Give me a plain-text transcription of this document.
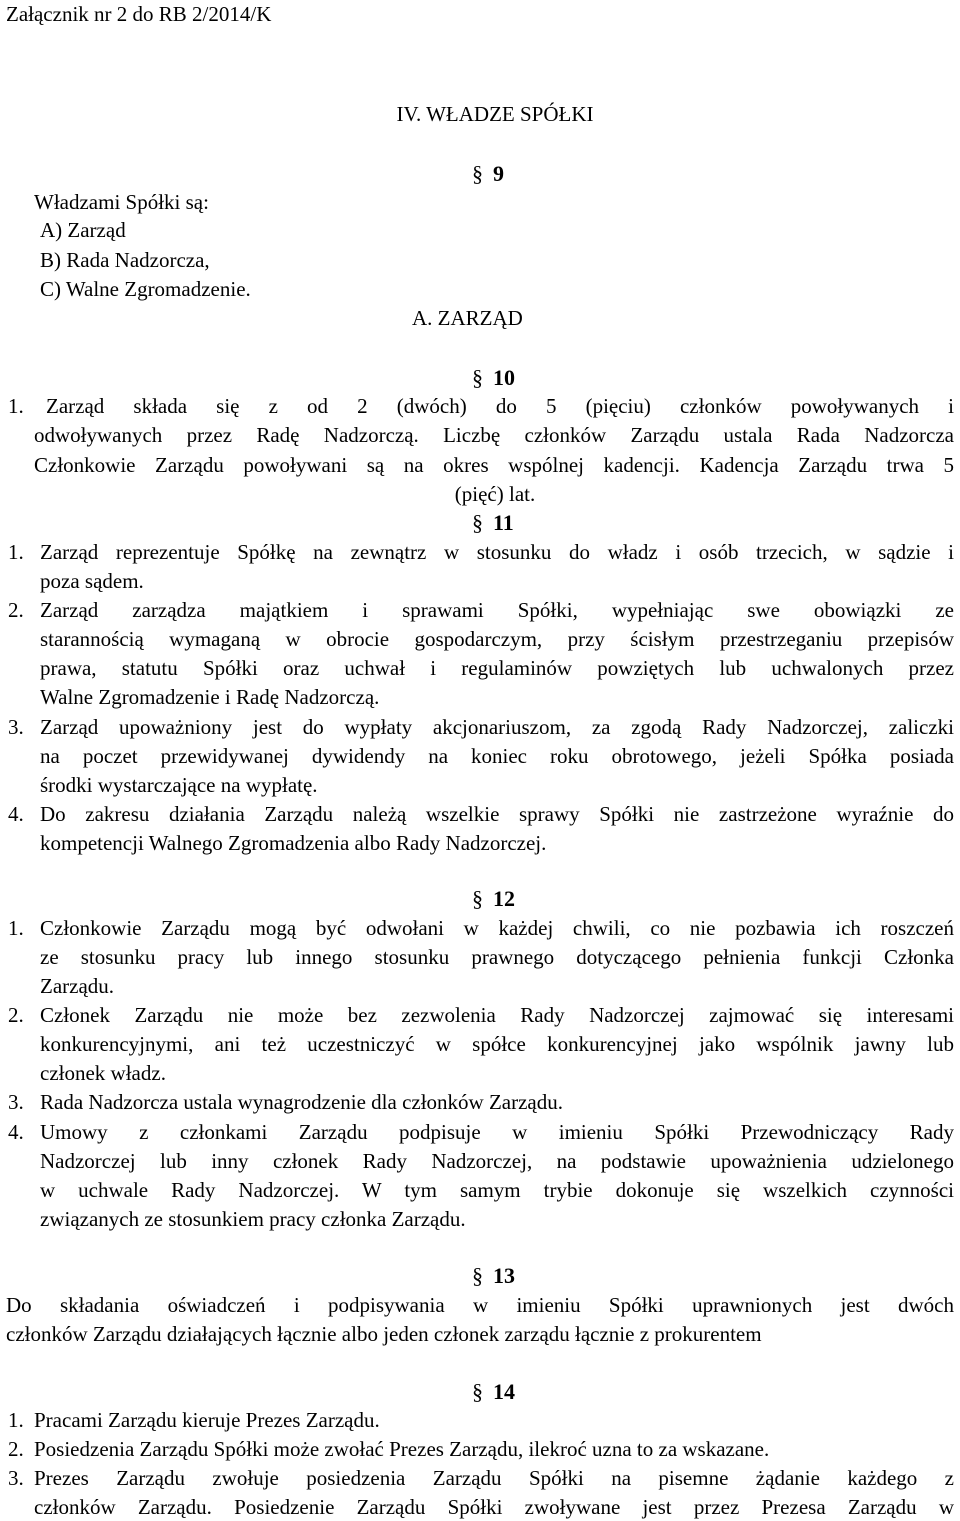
Załącznik nr 2 do RB 2/2014/K
IV. WŁADZE SPÓŁKI
§ 9
Władzami Spółki są:
A) Zarząd
B) Rada Nadzorcza,
C) Walne Zgromadzenie.
A. ZARZĄD
§ 10
1. Zarząd składa się z od 2 (dwóch) do 5 (pięciu) członków powoływanych i
odwoływanych przez Radę Nadzorczą. Liczbę członków Zarządu ustala Rada Nadzorcza
Członkowie Zarządu powoływani są na okres wspólnej kadencji. Kadencja Zarządu trwa 5
(pięć) lat.
§ 11
1. Zarząd reprezentuje Spółkę na zewnątrz w stosunku do władz i osób trzecich, w sądzie i
poza sądem.
2. Zarząd zarządza majątkiem i sprawami Spółki, wypełniając swe obowiązki ze
starannością wymaganą w obrocie gospodarczym, przy ścisłym przestrzeganiu przepisów
prawa, statutu Spółki oraz uchwał i regulaminów powziętych lub uchwalonych przez
Walne Zgromadzenie i Radę Nadzorczą.
3. Zarząd upoważniony jest do wypłaty akcjonariuszom, za zgodą Rady Nadzorczej, zaliczki
na poczet przewidywanej dywidendy na koniec roku obrotowego, jeżeli Spółka posiada
środki wystarczające na wypłatę.
4. Do zakresu działania Zarządu należą wszelkie sprawy Spółki nie zastrzeżone wyraźnie do
kompetencji Walnego Zgromadzenia albo Rady Nadzorczej.
§ 12
1. Członkowie Zarządu mogą być odwołani w każdej chwili, co nie pozbawia ich roszczeń
ze stosunku pracy lub innego stosunku prawnego dotyczącego pełnienia funkcji Członka
Zarządu.
2. Członek Zarządu nie może bez zezwolenia Rady Nadzorczej zajmować się interesami
konkurencyjnymi, ani też uczestniczyć w spółce konkurencyjnej jako wspólnik jawny lub
członek władz.
3. Rada Nadzorcza ustala wynagrodzenie dla członków Zarządu.
4. Umowy z członkami Zarządu podpisuje w imieniu Spółki Przewodniczący Rady
Nadzorczej lub inny członek Rady Nadzorczej, na podstawie upoważnienia udzielonego
w uchwale Rady Nadzorczej. W tym samym trybie dokonuje się wszelkich czynności
związanych ze stosunkiem pracy członka Zarządu.
§ 13
Do składania oświadczeń i podpisywania w imieniu Spółki uprawnionych jest dwóch
członków Zarządu działających łącznie albo jeden członek zarządu łącznie z prokurentem
§ 14
1. Pracami Zarządu kieruje Prezes Zarządu.
2. Posiedzenia Zarządu Spółki może zwołać Prezes Zarządu, ilekroć uzna to za wskazane.
3. Prezes Zarządu zwołuje posiedzenia Zarządu Spółki na pisemne żądanie każdego z
członków Zarządu. Posiedzenie Zarządu Spółki zwoływane jest przez Prezesa Zarządu w
